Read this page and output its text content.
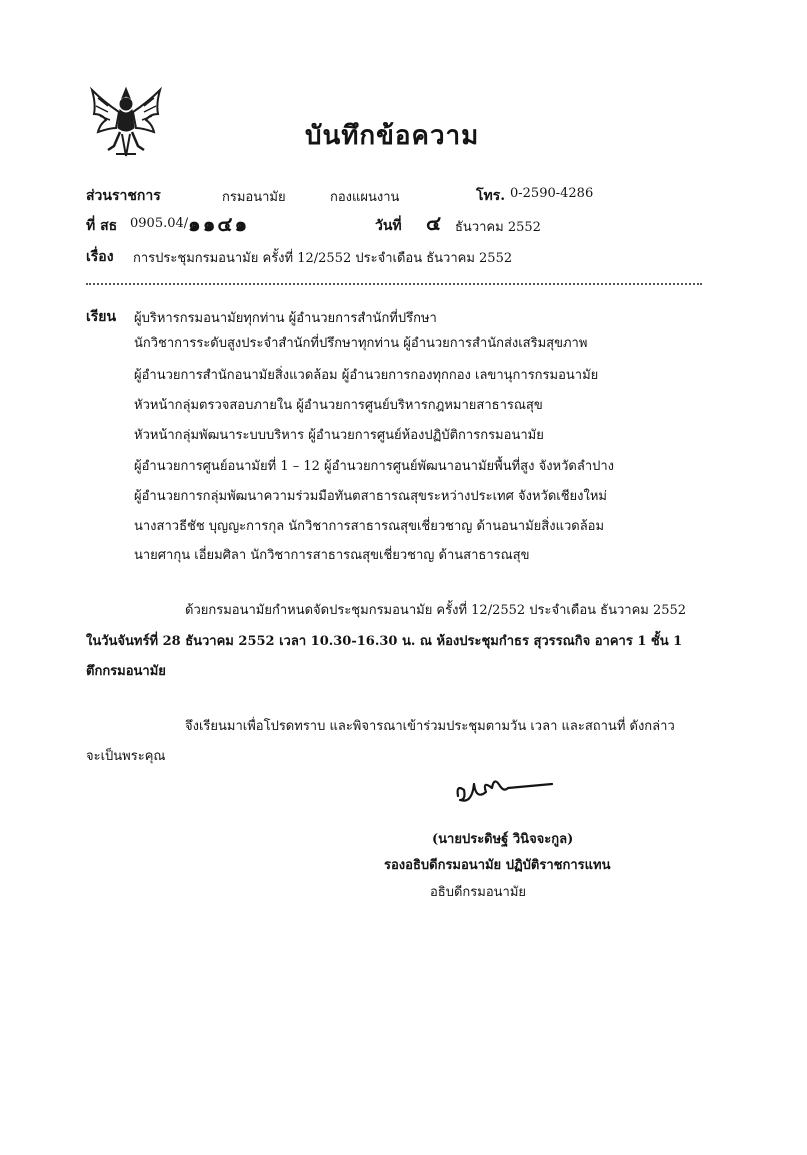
บันทึกข้อความ
ส่วนราชการ	กรมอนามัย	กองแผนงาน	โทร. 0-2590-4286
ที่ สธ 0905.04/ ๑๑๔๑	วันที่ ๔ ธันวาคม 2552
เรื่อง การประชุมกรมอนามัย ครั้งที่ 12/2552 ประจำเดือน ธันวาคม 2552
เรียน ผู้บริหารกรมอนามัยทุกท่าน ผู้อำนวยการสำนักที่ปรึกษา
นักวิชาการระดับสูงประจำสำนักที่ปรึกษาทุกท่าน ผู้อำนวยการสำนักส่งเสริมสุขภาพ
ผู้อำนวยการสำนักอนามัยสิ่งแวดล้อม ผู้อำนวยการกองทุกกอง เลขานุการกรมอนามัย
หัวหน้ากลุ่มตรวจสอบภายใน ผู้อำนวยการศูนย์บริหารกฎหมายสาธารณสุข
หัวหน้ากลุ่มพัฒนาระบบบริหาร ผู้อำนวยการศูนย์ห้องปฏิบัติการกรมอนามัย
ผู้อำนวยการศูนย์อนามัยที่ 1 – 12 ผู้อำนวยการศูนย์พัฒนาอนามัยพื้นที่สูง จังหวัดลำปาง
ผู้อำนวยการกลุ่มพัฒนาความร่วมมือทันตสาธารณสุขระหว่างประเทศ จังหวัดเชียงใหม่
นางสาวธีชัช บุญญะการกุล นักวิชาการสาธารณสุขเชี่ยวชาญ ด้านอนามัยสิ่งแวดล้อม
นายศากุน เอี่ยมศิลา นักวิชาการสาธารณสุขเชี่ยวชาญ ด้านสาธารณสุข
ด้วยกรมอนามัยกำหนดจัดประชุมกรมอนามัย ครั้งที่ 12/2552 ประจำเดือน ธันวาคม 2552
ในวันจันทร์ที่ 28 ธันวาคม 2552 เวลา 10.30-16.30 น. ณ ห้องประชุมกำธร สุวรรณกิจ อาคาร 1 ชั้น 1
ตึกกรมอนามัย
จึงเรียนมาเพื่อโปรดทราบ และพิจารณาเข้าร่วมประชุมตามวัน เวลา และสถานที่ ดังกล่าว
จะเป็นพระคุณ
(นายประดิษฐ์ วินิจจะกูล)
รองอธิบดีกรมอนามัย ปฏิบัติราชการแทน
อธิบดีกรมอนามัย
